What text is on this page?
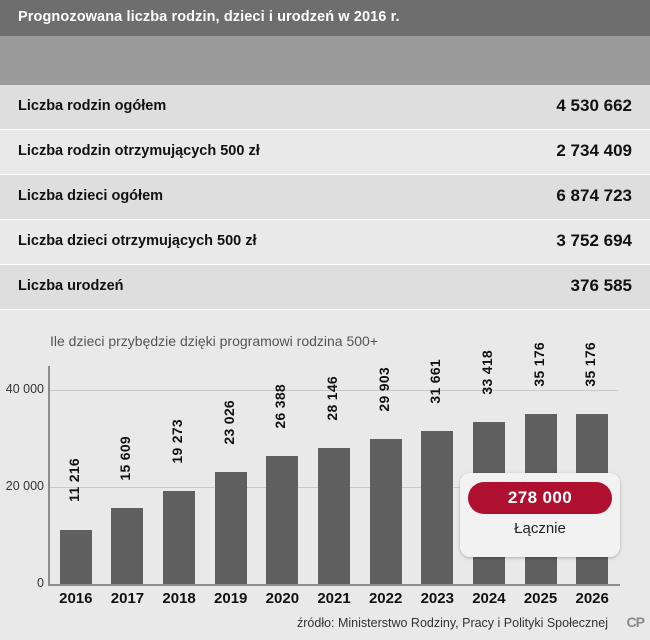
Prognozowana liczba rodzin, dzieci i urodzeń w 2016 r.
Liczba rodzin ogółem	4 530 662
Liczba rodzin otrzymujących 500 zł	2 734 409
Liczba dzieci ogółem	6 874 723
Liczba dzieci otrzymujących 500 zł	3 752 694
Liczba urodzeń	376 585
Ile dzieci przybędzie dzięki programowi rodzina 500+
278 000
Łącznie
0
20 000
40 000
11 216
2016
15 609
2017
19 273
2018
23 026
2019
26 388
2020
28 146
2021
29 903
2022
31 661
2023
33 418
2024
35 176
2025
35 176
2026
źródło: Ministerstwo Rodziny, Pracy i Polityki Społecznej CP
